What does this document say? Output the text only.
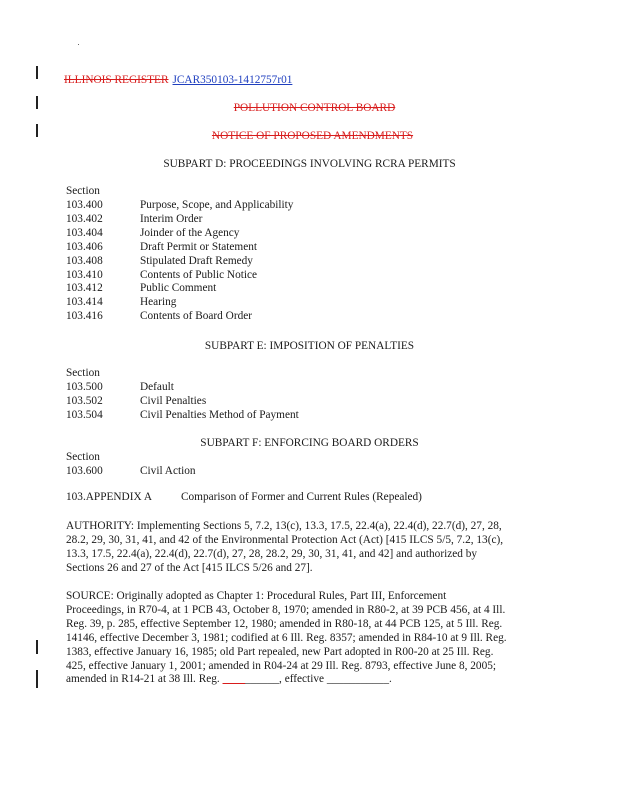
ILLINOIS REGISTER JCAR350103-1412757r01
POLLUTION CONTROL BOARD
NOTICE OF PROPOSED AMENDMENTS
SUBPART D: PROCEEDINGS INVOLVING RCRA PERMITS
Section
103.400	Purpose, Scope, and Applicability
103.402	Interim Order
103.404	Joinder of the Agency
103.406	Draft Permit or Statement
103.408	Stipulated Draft Remedy
103.410	Contents of Public Notice
103.412	Public Comment
103.414	Hearing
103.416	Contents of Board Order
SUBPART E: IMPOSITION OF PENALTIES
Section
103.500	Default
103.502	Civil Penalties
103.504	Civil Penalties Method of Payment
SUBPART F: ENFORCING BOARD ORDERS
Section
103.600	Civil Action
103.APPENDIX A	Comparison of Former and Current Rules (Repealed)
AUTHORITY: Implementing Sections 5, 7.2, 13(c), 13.3, 17.5, 22.4(a), 22.4(d), 22.7(d), 27, 28,
28.2, 29, 30, 31, 41, and 42 of the Environmental Protection Act (Act) [415 ILCS 5/5, 7.2, 13(c),
13.3, 17.5, 22.4(a), 22.4(d), 22.7(d), 27, 28, 28.2, 29, 30, 31, 41, and 42] and authorized by
Sections 26 and 27 of the Act [415 ILCS 5/26 and 27].
SOURCE: Originally adopted as Chapter 1: Procedural Rules, Part III, Enforcement
Proceedings, in R70-4, at 1 PCB 43, October 8, 1970; amended in R80-2, at 39 PCB 456, at 4 Ill.
Reg. 39, p. 285, effective September 12, 1980; amended in R80-18, at 44 PCB 125, at 5 Ill. Reg.
14146, effective December 3, 1981; codified at 6 Ill. Reg. 8357; amended in R84-10 at 9 Ill. Reg.
1383, effective January 16, 1985; old Part repealed, new Part adopted in R00-20 at 25 Ill. Reg.
425, effective January 1, 2001; amended in R04-24 at 29 Ill. Reg. 8793, effective June 8, 2005;
amended in R14-21 at 38 Ill. Reg. __________, effective ___________.
